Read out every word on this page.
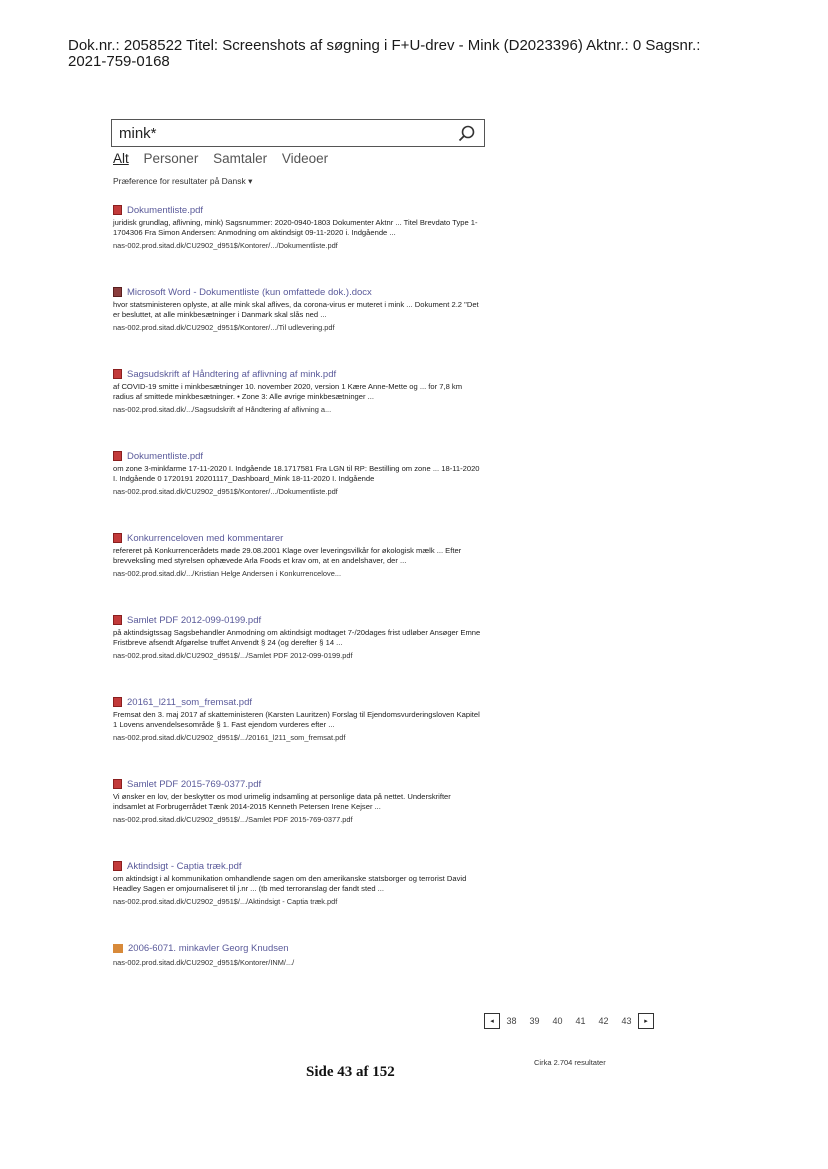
Dok.nr.: 2058522 Titel: Screenshots af søgning i F+U-drev - Mink (D2023396) Aktnr.: 0 Sagsnr.:
2021-759-0168
mink*
Alt Personer Samtaler Videoer
Præference for resultater på Dansk ▾
Dokumentliste.pdf
juridisk grundlag, aflivning, mink) Sagsnummer: 2020-0940-1803 Dokumenter Aktnr ... Titel Brevdato Type 1-1704306 Fra Simon Andersen: Anmodning om aktindsigt 09-11-2020 i. Indgående ...
nas-002.prod.sitad.dk/CU2902_d951$/Kontorer/.../Dokumentliste.pdf
Microsoft Word - Dokumentliste (kun omfattede dok.).docx
hvor statsministeren oplyste, at alle mink skal aflives, da corona-virus er muteret i mink ... Dokument 2.2 "Det er besluttet, at alle minkbesætninger i Danmark skal slås ned ...
nas-002.prod.sitad.dk/CU2902_d951$/Kontorer/.../Til udlevering.pdf
Sagsudskrift af Håndtering af aflivning af mink.pdf
af COVID-19 smitte i minkbesætninger 10. november 2020, version 1 Kære Anne-Mette og ... for 7,8 km radius af smittede minkbesætninger. • Zone 3: Alle øvrige minkbesætninger ...
nas-002.prod.sitad.dk/.../Sagsudskrift af Håndtering af aflivning a...
Dokumentliste.pdf
om zone 3-minkfarme 17-11-2020 I. Indgående 18.1717581 Fra LGN til RP: Bestilling om zone ... 18-11-2020 I. Indgående 0 1720191 20201117_Dashboard_Mink 18-11-2020 I. Indgående
nas-002.prod.sitad.dk/CU2902_d951$/Kontorer/.../Dokumentliste.pdf
Konkurrenceloven med kommentarer
refereret på Konkurrencerådets møde 29.08.2001 Klage over leveringsvilkår for økologisk mælk ... Efter brevveksling med styrelsen ophævede Arla Foods et krav om, at en andelshaver, der ...
nas-002.prod.sitad.dk/.../Kristian Helge Andersen i Konkurrencelove...
Samlet PDF 2012-099-0199.pdf
på aktindsigtssag Sagsbehandler Anmodning om aktindsigt modtaget 7-/20dages frist udløber Ansøger Emne Fristbreve afsendt Afgørelse truffet Anvendt § 24 (og derefter § 14 ...
nas-002.prod.sitad.dk/CU2902_d951$/.../Samlet PDF 2012-099-0199.pdf
20161_l211_som_fremsat.pdf
Fremsat den 3. maj 2017 af skatteministeren (Karsten Lauritzen) Forslag til Ejendomsvurderingsloven Kapitel 1 Lovens anvendelsesområde § 1. Fast ejendom vurderes efter ...
nas-002.prod.sitad.dk/CU2902_d951$/.../20161_l211_som_fremsat.pdf
Samlet PDF 2015-769-0377.pdf
Vi ønsker en lov, der beskytter os mod urimelig indsamling at personlige data på nettet. Underskrifter indsamlet at Forbrugerrådet Tænk 2014-2015 Kenneth Petersen Irene Kejser ...
nas-002.prod.sitad.dk/CU2902_d951$/.../Samlet PDF 2015-769-0377.pdf
Aktindsigt - Captia træk.pdf
om aktindsigt i al kommunikation omhandlende sagen om den amerikanske statsborger og terrorist David Headley Sagen er omjournaliseret til j.nr ... (tb med terroranslag der fandt sted ...
nas-002.prod.sitad.dk/CU2902_d951$/.../Aktindsigt - Captia træk.pdf
2006-6071. minkavler Georg Knudsen
nas-002.prod.sitad.dk/CU2902_d951$/Kontorer/INM/.../
◂	38	39	40	41	42	43	▸
Cirka 2.704 resultater
Side 43 af 152
